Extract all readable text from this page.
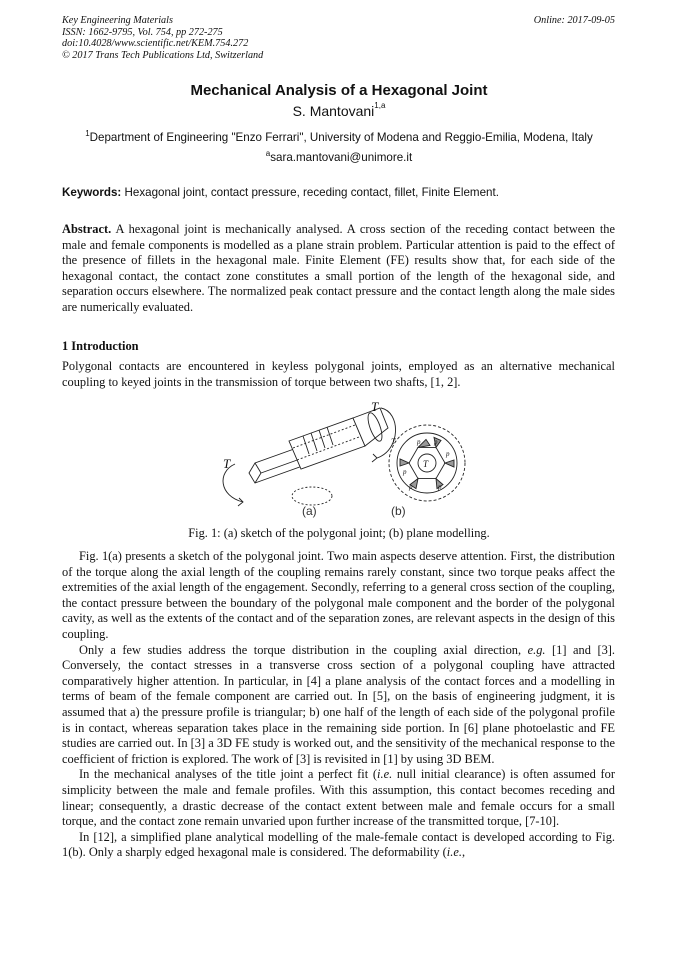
Key Engineering Materials
ISSN: 1662-9795, Vol. 754, pp 272-275
doi:10.4028/www.scientific.net/KEM.754.272
© 2017 Trans Tech Publications Ltd, Switzerland
Online: 2017-09-05
Mechanical Analysis of a Hexagonal Joint
S. Mantovani$^{1,a}$
$^1$Department of Engineering "Enzo Ferrari", University of Modena and Reggio-Emilia, Modena, Italy
$^a$sara.mantovani@unimore.it
Keywords: Hexagonal joint, contact pressure, receding contact, fillet, Finite Element.
Abstract. A hexagonal joint is mechanically analysed. A cross section of the receding contact between the male and female components is modelled as a plane strain problem. Particular attention is paid to the effect of the presence of fillets in the hexagonal male. Finite Element (FE) results show that, for each side of the hexagonal contact, the contact zone constitutes a small portion of the length of the hexagonal side, and separation occurs elsewhere. The normalized peak contact pressure and the contact length along the male sides are numerically evaluated.
1 Introduction
Polygonal contacts are encountered in keyless polygonal joints, employed as an alternative mechanical coupling to keyed joints in the transmission of torque between two shafts, [1, 2].
T
T	T
T	p p
p
p
p
p
(a)	(b)
Fig. 1: (a) sketch of the polygonal joint; (b) plane modelling.
Fig. 1(a) presents a sketch of the polygonal joint. Two main aspects deserve attention. First, the distribution of the torque along the axial length of the coupling remains rarely constant, since two torque peaks affect the extremities of the axial length of the engagement. Secondly, referring to a general cross section of the coupling, the contact pressure between the boundary of the polygonal male component and the border of the polygonal cavity, as well as the extents of the contact and of the separation zones, are relevant aspects in the design of this coupling.
Only a few studies address the torque distribution in the coupling axial direction, e.g. [1] and [3]. Conversely, the contact stresses in a transverse cross section of a polygonal coupling have attracted comparatively higher attention. In particular, in [4] a plane analysis of the contact forces and a modelling in terms of beam of the female component are carried out. In [5], on the basis of engineering judgment, it is assumed that a) the pressure profile is triangular; b) one half of the length of each side of the polygonal profile is in contact, whereas separation takes place in the remaining side portion. In [6] plane photoelastic and FE studies are carried out. In [3] a 3D FE study is worked out, and the sensitivity of the mechanical response to the coefficient of friction is explored. The work of [3] is revisited in [1] by using 3D BEM.
In the mechanical analyses of the title joint a perfect fit (i.e. null initial clearance) is often assumed for simplicity between the male and female profiles. With this assumption, this contact becomes receding and linear; consequently, a drastic decrease of the contact extent between male and female occurs for a small torque, and the contact zone remain unvaried upon further increase of the transmitted torque, [7-10].
In [12], a simplified plane analytical modelling of the male-female contact is developed according to Fig. 1(b). Only a sharply edged hexagonal male is considered. The deformability (i.e.,
